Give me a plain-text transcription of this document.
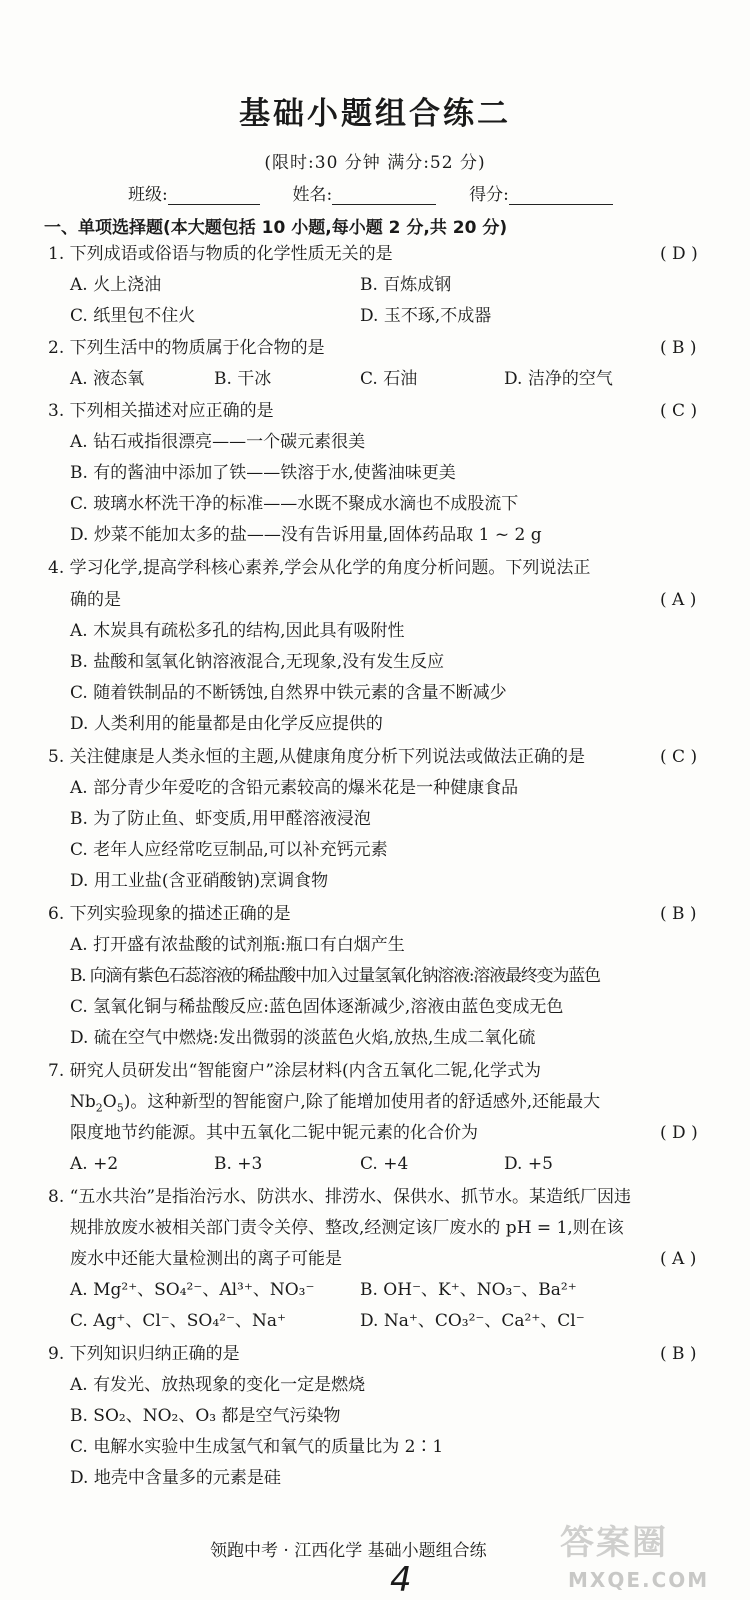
基础小题组合练二
(限时:30 分钟 满分:52 分)
班级:	姓名:	得分:
一、单项选择题(本大题包括 10 小题,每小题 2 分,共 20 分)
1. 下列成语或俗语与物质的化学性质无关的是	( D )
A. 火上浇油	B. 百炼成钢
C. 纸里包不住火	D. 玉不琢,不成器
2. 下列生活中的物质属于化合物的是	( B )
A. 液态氧	B. 干冰	C. 石油	D. 洁净的空气
3. 下列相关描述对应正确的是	( C )
A. 钻石戒指很漂亮——一个碳元素很美
B. 有的酱油中添加了铁——铁溶于水,使酱油味更美
C. 玻璃水杯洗干净的标准——水既不聚成水滴也不成股流下
D. 炒菜不能加太多的盐——没有告诉用量,固体药品取 1 ~ 2 g
4. 学习化学,提高学科核心素养,学会从化学的角度分析问题。下列说法正
确的是	( A )
A. 木炭具有疏松多孔的结构,因此具有吸附性
B. 盐酸和氢氧化钠溶液混合,无现象,没有发生反应
C. 随着铁制品的不断锈蚀,自然界中铁元素的含量不断减少
D. 人类利用的能量都是由化学反应提供的
5. 关注健康是人类永恒的主题,从健康角度分析下列说法或做法正确的是	( C )
A. 部分青少年爱吃的含铅元素较高的爆米花是一种健康食品
B. 为了防止鱼、虾变质,用甲醛溶液浸泡
C. 老年人应经常吃豆制品,可以补充钙元素
D. 用工业盐(含亚硝酸钠)烹调食物
6. 下列实验现象的描述正确的是	( B )
A. 打开盛有浓盐酸的试剂瓶:瓶口有白烟产生
B. 向滴有紫色石蕊溶液的稀盐酸中加入过量氢氧化钠溶液:溶液最终变为蓝色
C. 氢氧化铜与稀盐酸反应:蓝色固体逐渐减少,溶液由蓝色变成无色
D. 硫在空气中燃烧:发出微弱的淡蓝色火焰,放热,生成二氧化硫
7. 研究人员研发出“智能窗户”涂层材料(内含五氧化二铌,化学式为
$Nb_2O_5$)。这种新型的智能窗户,除了能增加使用者的舒适感外,还能最大
限度地节约能源。其中五氧化二铌中铌元素的化合价为	( D )
A. +2	B. +3	C. +4	D. +5
8. “五水共治”是指治污水、防洪水、排涝水、保供水、抓节水。某造纸厂因违
规排放废水被相关部门责令关停、整改,经测定该厂废水的 pH = 1,则在该
废水中还能大量检测出的离子可能是	( A )
A. Mg²⁺、SO₄²⁻、Al³⁺、NO₃⁻	B. OH⁻、K⁺、NO₃⁻、Ba²⁺
C. Ag⁺、Cl⁻、SO₄²⁻、Na⁺	D. Na⁺、CO₃²⁻、Ca²⁺、Cl⁻
9. 下列知识归纳正确的是	( B )
A. 有发光、放热现象的变化一定是燃烧
B. SO₂、NO₂、O₃ 都是空气污染物
C. 电解水实验中生成氢气和氧气的质量比为 2∶1
D. 地壳中含量多的元素是硅
领跑中考 · 江西化学 基础小题组合练
4
答案圈
MXQE.COM
